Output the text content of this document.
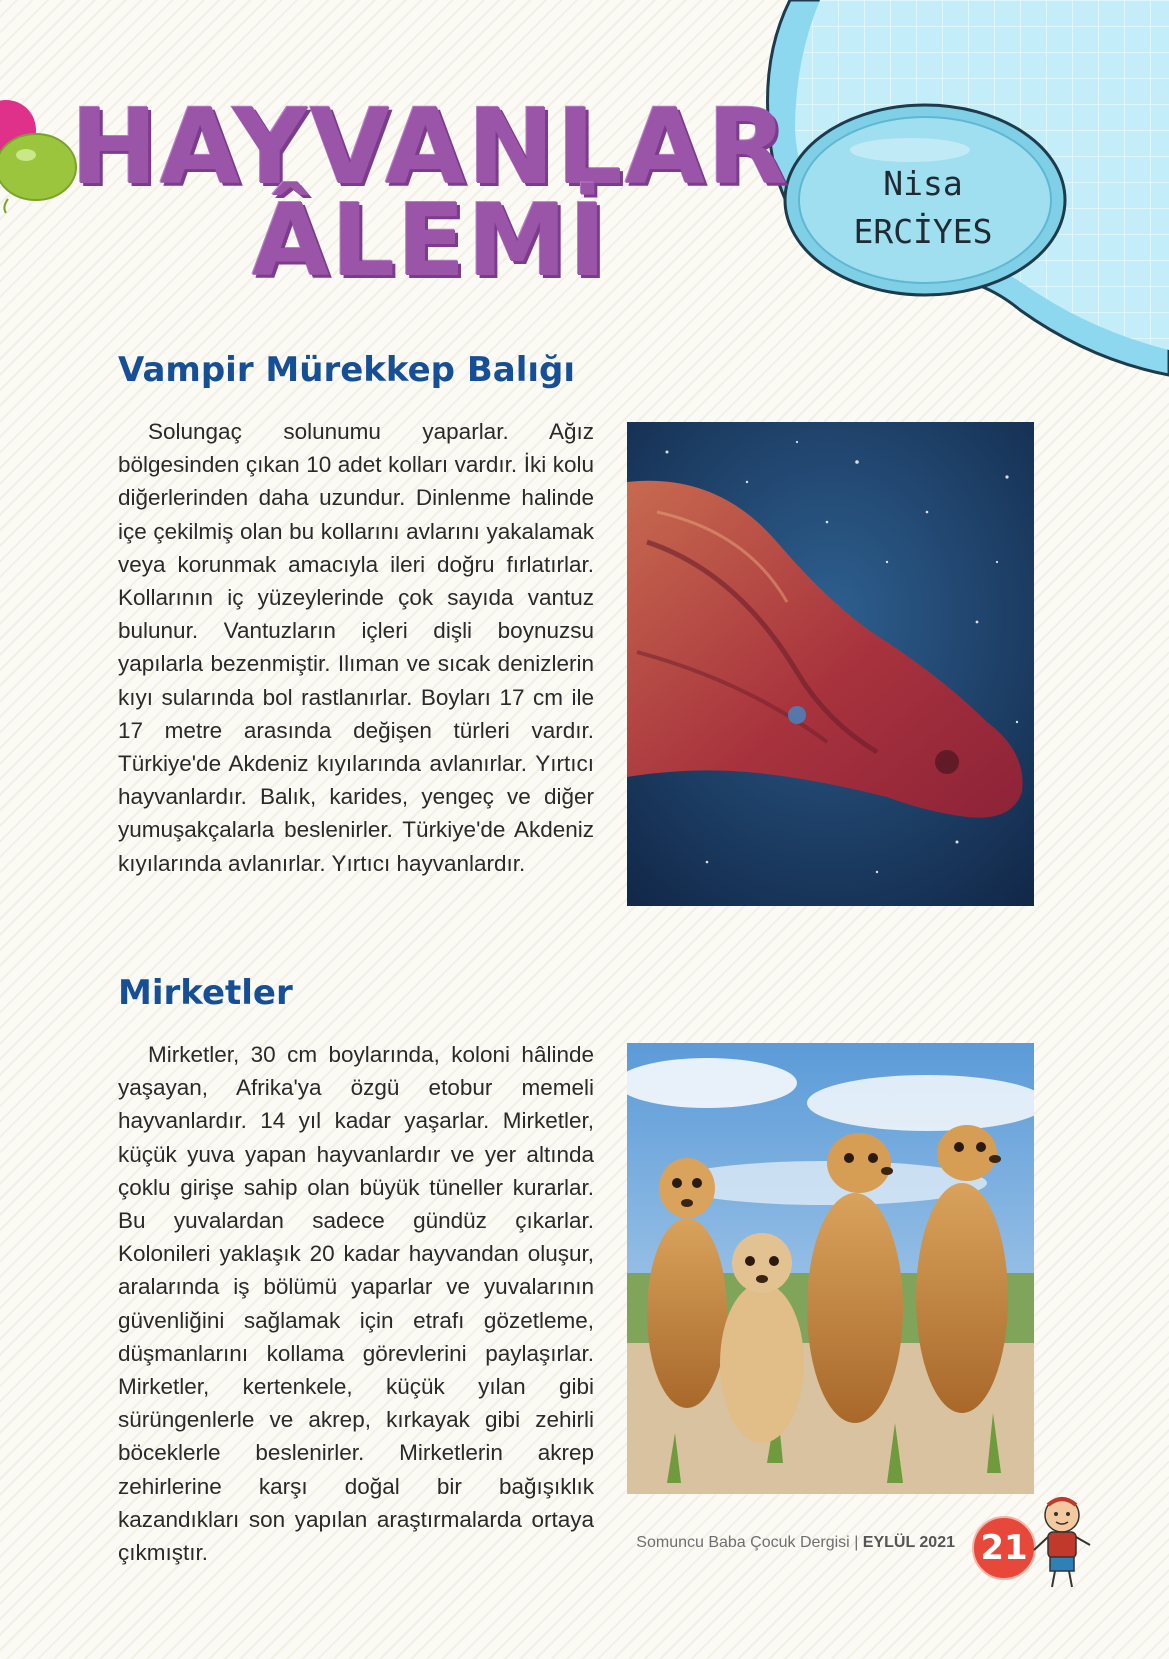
HAYVANLAR
ÂLEMİ	Nisa
ERCİYES
Vampir Mürekkep Balığı
Solungaç solunumu yaparlar. Ağız bölgesinden çıkan 10 adet kolları vardır. İki kolu diğerlerinden daha uzundur. Dinlenme halinde içe çekilmiş olan bu kollarını avlarını yakalamak veya korunmak amacıyla ileri doğru fırlatırlar. Kollarının iç yüzeylerinde çok sayıda vantuz bulunur. Vantuzların içleri dişli boynuzsu yapılarla bezenmiştir. Ilıman ve sıcak denizlerin kıyı sularında bol rastlanırlar. Boyları 17 cm ile 17 metre arasında değişen türleri vardır. Türkiye'de Akdeniz kıyılarında avlanırlar. Yırtıcı hayvanlardır. Balık, karides, yengeç ve diğer yumuşakçalarla beslenirler. Türkiye'de Akdeniz kıyılarında avlanırlar. Yırtıcı hayvanlardır.
Mirketler
Mirketler, 30 cm boylarında, koloni hâlinde yaşayan, Afrika'ya özgü etobur memeli hayvanlardır. 14 yıl kadar yaşarlar. Mirketler, küçük yuva yapan hayvanlardır ve yer altında çoklu girişe sahip olan büyük tüneller kurarlar. Bu yuvalardan sadece gündüz çıkarlar. Kolonileri yaklaşık 20 kadar hayvandan oluşur, aralarında iş bölümü yaparlar ve yuvalarının güvenliğini sağlamak için etrafı gözetleme, düşmanlarını kollama görevlerini paylaşırlar. Mirketler, kertenkele, küçük yılan gibi sürüngenlerle ve akrep, kırkayak gibi zehirli böceklerle beslenirler. Mirketlerin akrep zehirlerine karşı doğal bir bağışıklık kazandıkları son yapılan araştırmalarda ortaya çıkmıştır.	Somuncu Baba Çocuk Dergisi | EYLÜL 2021 21
